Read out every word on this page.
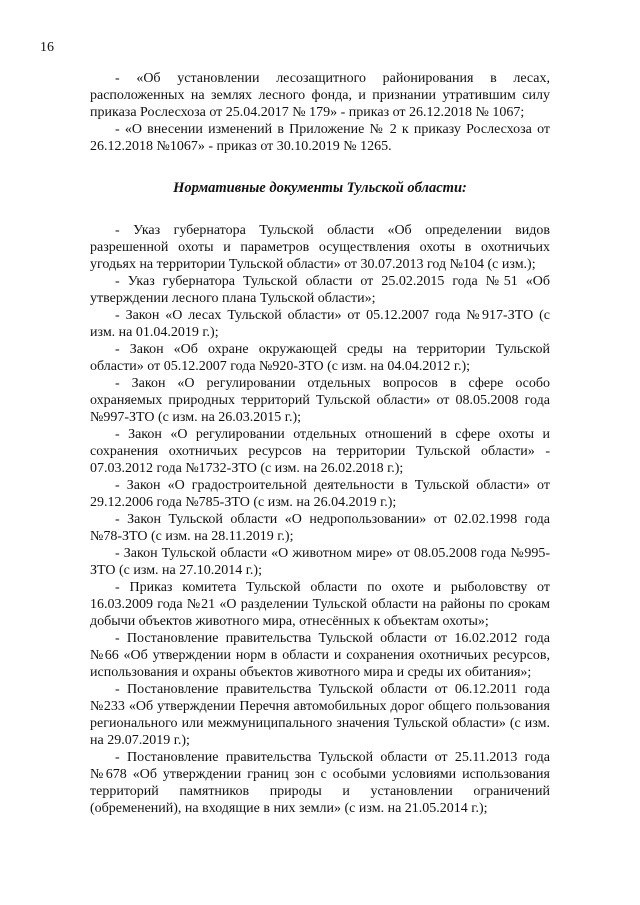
16

- «Об установлении лесозащитного районирования в лесах, расположенных на землях лесного фонда, и признании утратившим силу приказа Рослесхоза от 25.04.2017 № 179» - приказ от 26.12.2018 № 1067;

- «О внесении изменений в Приложение № 2 к приказу Рослесхоза от 26.12.2018 №1067» - приказ от 30.10.2019 № 1265.

Нормативные документы Тульской области:

- Указ губернатора Тульской области «Об определении видов разрешенной охоты и параметров осуществления охоты в охотничьих угодьях на территории Тульской области» от 30.07.2013 год №104 (с изм.);

- Указ губернатора Тульской области от 25.02.2015 года №51 «Об утверждении лесного плана Тульской области»;

- Закон «О лесах Тульской области» от 05.12.2007 года №917-ЗТО (с изм. на 01.04.2019 г.);

- Закон «Об охране окружающей среды на территории Тульской области» от 05.12.2007 года №920-ЗТО (с изм. на 04.04.2012 г.);

- Закон «О регулировании отдельных вопросов в сфере особо охраняемых природных территорий Тульской области» от 08.05.2008 года №997-ЗТО (с изм. на 26.03.2015 г.);

- Закон «О регулировании отдельных отношений в сфере охоты и сохранения охотничьих ресурсов на территории Тульской области» - 07.03.2012 года №1732-ЗТО (с изм. на 26.02.2018 г.);

- Закон «О градостроительной деятельности в Тульской области» от 29.12.2006 года №785-ЗТО (с изм. на 26.04.2019 г.);

- Закон Тульской области «О недропользовании» от 02.02.1998 года №78-ЗТО (с изм. на 28.11.2019 г.);

- Закон Тульской области «О животном мире» от 08.05.2008 года №995-ЗТО (с изм. на 27.10.2014 г.);

- Приказ комитета Тульской области по охоте и рыболовству от 16.03.2009 года №21 «О разделении Тульской области на районы по срокам добычи объектов животного мира, отнесённых к объектам охоты»;

- Постановление правительства Тульской области от 16.02.2012 года №66 «Об утверждении норм в области и сохранения охотничьих ресурсов, использования и охраны объектов животного мира и среды их обитания»;

- Постановление правительства Тульской области от 06.12.2011 года №233 «Об утверждении Перечня автомобильных дорог общего пользования регионального или межмуниципального значения Тульской области» (с изм. на 29.07.2019 г.);

- Постановление правительства Тульской области от 25.11.2013 года №678 «Об утверждении границ зон с особыми условиями использования территорий памятников природы и установлении ограничений (обременений), на входящие в них земли» (с изм. на 21.05.2014 г.);
